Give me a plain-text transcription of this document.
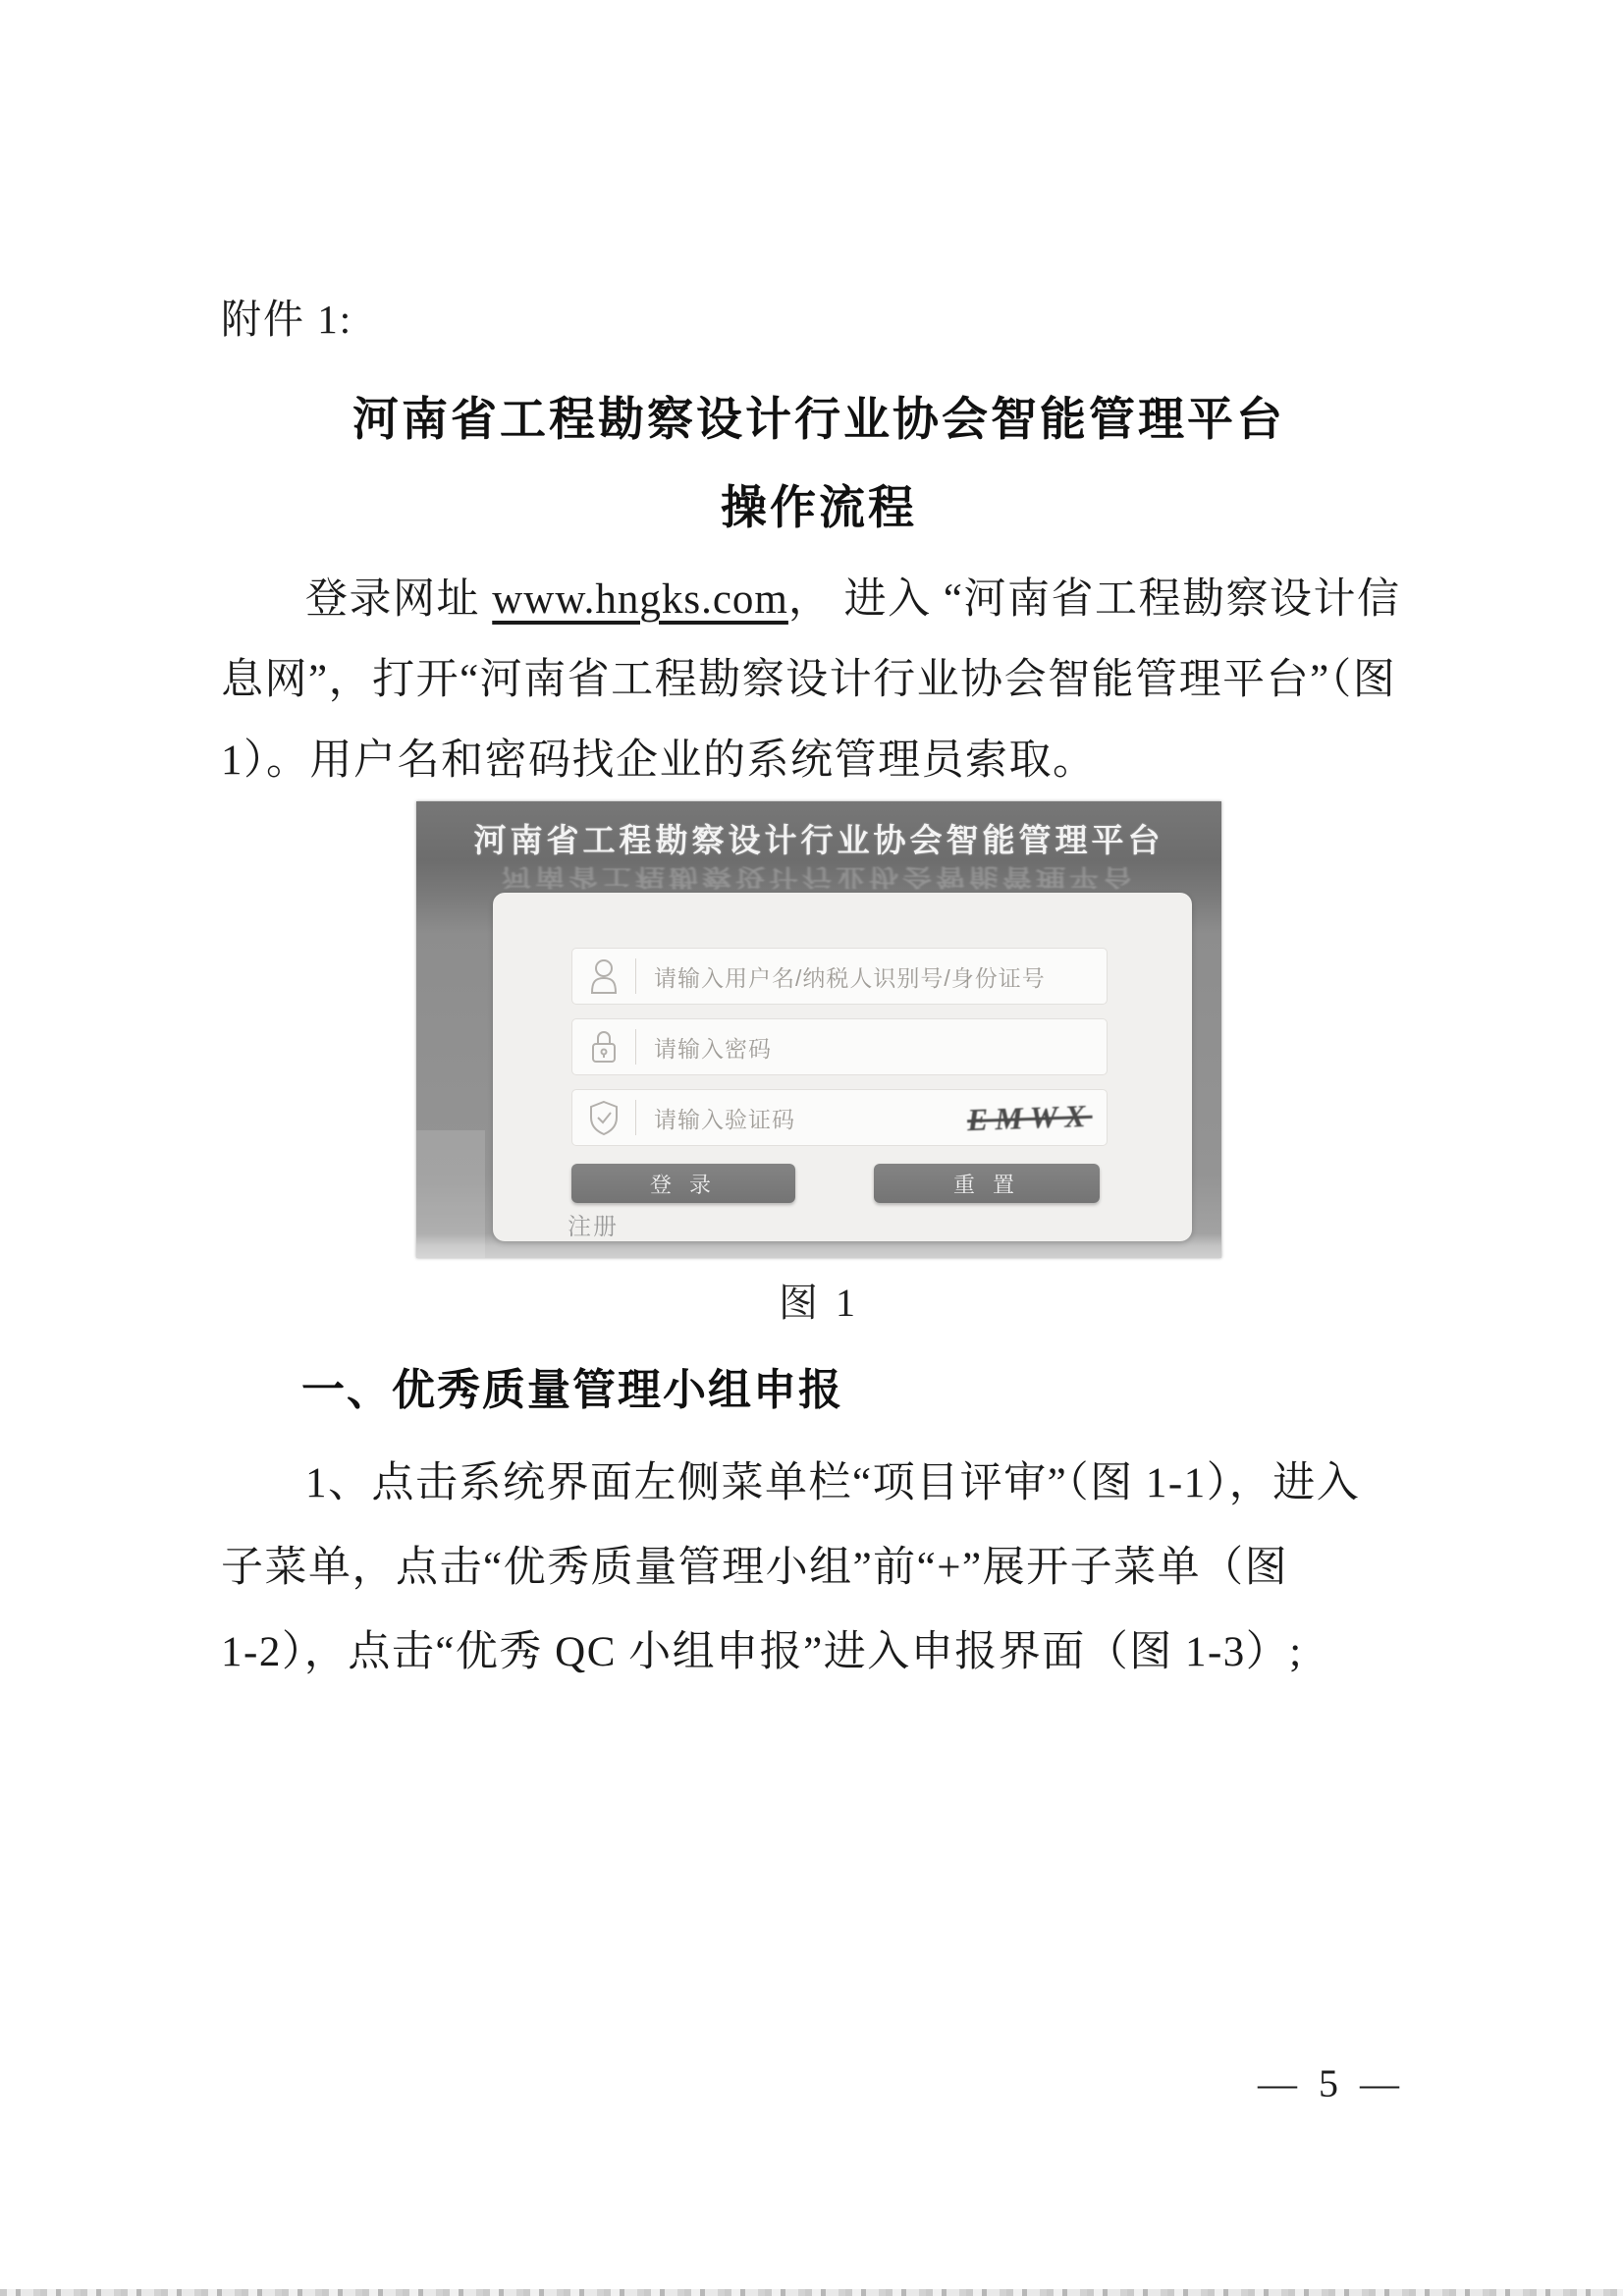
附件 1:
河南省工程勘察设计行业协会智能管理平台
操作流程
登录网址 www.hngks.com， 进入 “河南省工程勘察设计信
息网”，打开“河南省工程勘察设计行业协会智能管理平台”（图
1）。用户名和密码找企业的系统管理员索取。
河南省工程勘察设计行业协会智能管理平台
河南省工程勘察设计行业协会智能管理平台
请输入用户名/纳税人识别号/身份证号
请输入密码
请输入验证码	EMWX
登 录	重 置
注册
图 1
一、优秀质量管理小组申报
1、点击系统界面左侧菜单栏“项目评审”（图 1-1），进入
子菜单，点击“优秀质量管理小组”前“+”展开子菜单（图
1-2），点击“优秀 QC 小组申报”进入申报界面（图 1-3）;
— 5 —
